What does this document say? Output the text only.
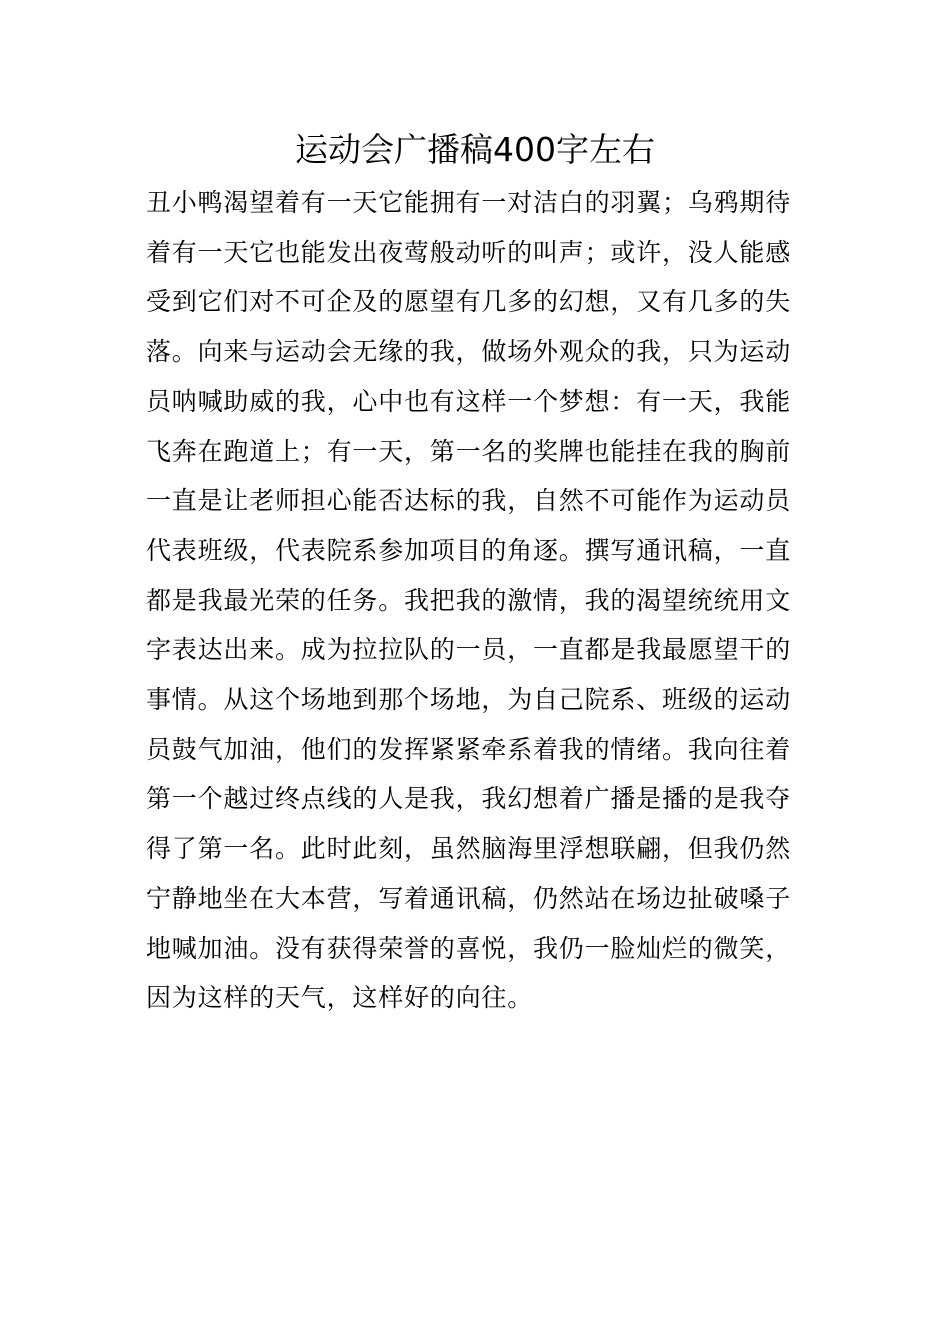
运动会广播稿400字左右
丑小鸭渴望着有一天它能拥有一对洁白的羽翼；乌鸦期待
着有一天它也能发出夜莺般动听的叫声；或许，没人能感
受到它们对不可企及的愿望有几多的幻想，又有几多的失
落。向来与运动会无缘的我，做场外观众的我，只为运动
员呐喊助威的我，心中也有这样一个梦想：有一天，我能
飞奔在跑道上；有一天，第一名的奖牌也能挂在我的胸前
一直是让老师担心能否达标的我，自然不可能作为运动员
代表班级，代表院系参加项目的角逐。撰写通讯稿，一直
都是我最光荣的任务。我把我的激情，我的渴望统统用文
字表达出来。成为拉拉队的一员，一直都是我最愿望干的
事情。从这个场地到那个场地，为自己院系、班级的运动
员鼓气加油，他们的发挥紧紧牵系着我的情绪。我向往着
第一个越过终点线的人是我，我幻想着广播是播的是我夺
得了第一名。此时此刻，虽然脑海里浮想联翩，但我仍然
宁静地坐在大本营，写着通讯稿，仍然站在场边扯破嗓子
地喊加油。没有获得荣誉的喜悦，我仍一脸灿烂的微笑，
因为这样的天气，这样好的向往。
